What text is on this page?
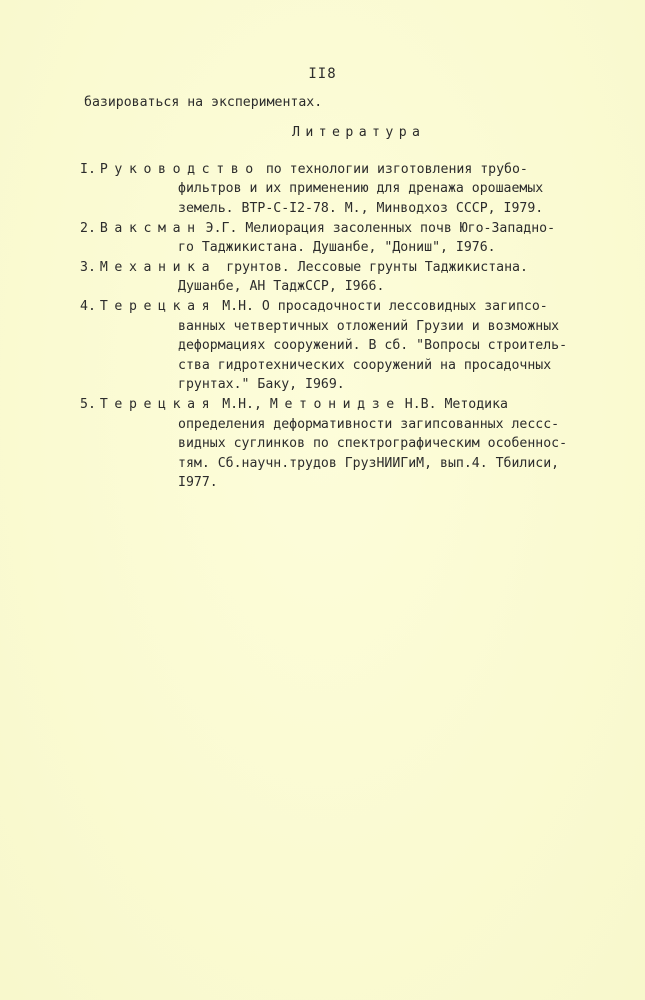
II8
базироваться на экспериментах.
Литература
I. Руководство по технологии изготовления трубо-
фильтров и их применению для дренажа орошаемых
земель. ВТР-С-I2-78. М., Минводхоз СССР, I979.
2. Ваксман Э.Г. Мелиорация засоленных почв Юго-Западно-
го Таджикистана. Душанбе, "Дониш", I976.
3. Механика грунтов. Лессовые грунты Таджикистана.
Душанбе, АН ТаджССР, I966.
4. Терецкая М.Н. О просадочности лессовидных загипсо-
ванных четвертичных отложений Грузии и возможных
деформациях сооружений. В сб. "Вопросы строитель-
ства гидротехнических сооружений на просадочных
грунтах." Баку, I969.
5. Терецкая М.Н., Метонидзе Н.В. Методика
определения деформативности загипсованных лессс-
видных суглинков по спектрографическим особеннос-
тям. Сб.научн.трудов ГрузНИИГиМ, вып.4. Тбилиси,
I977.
